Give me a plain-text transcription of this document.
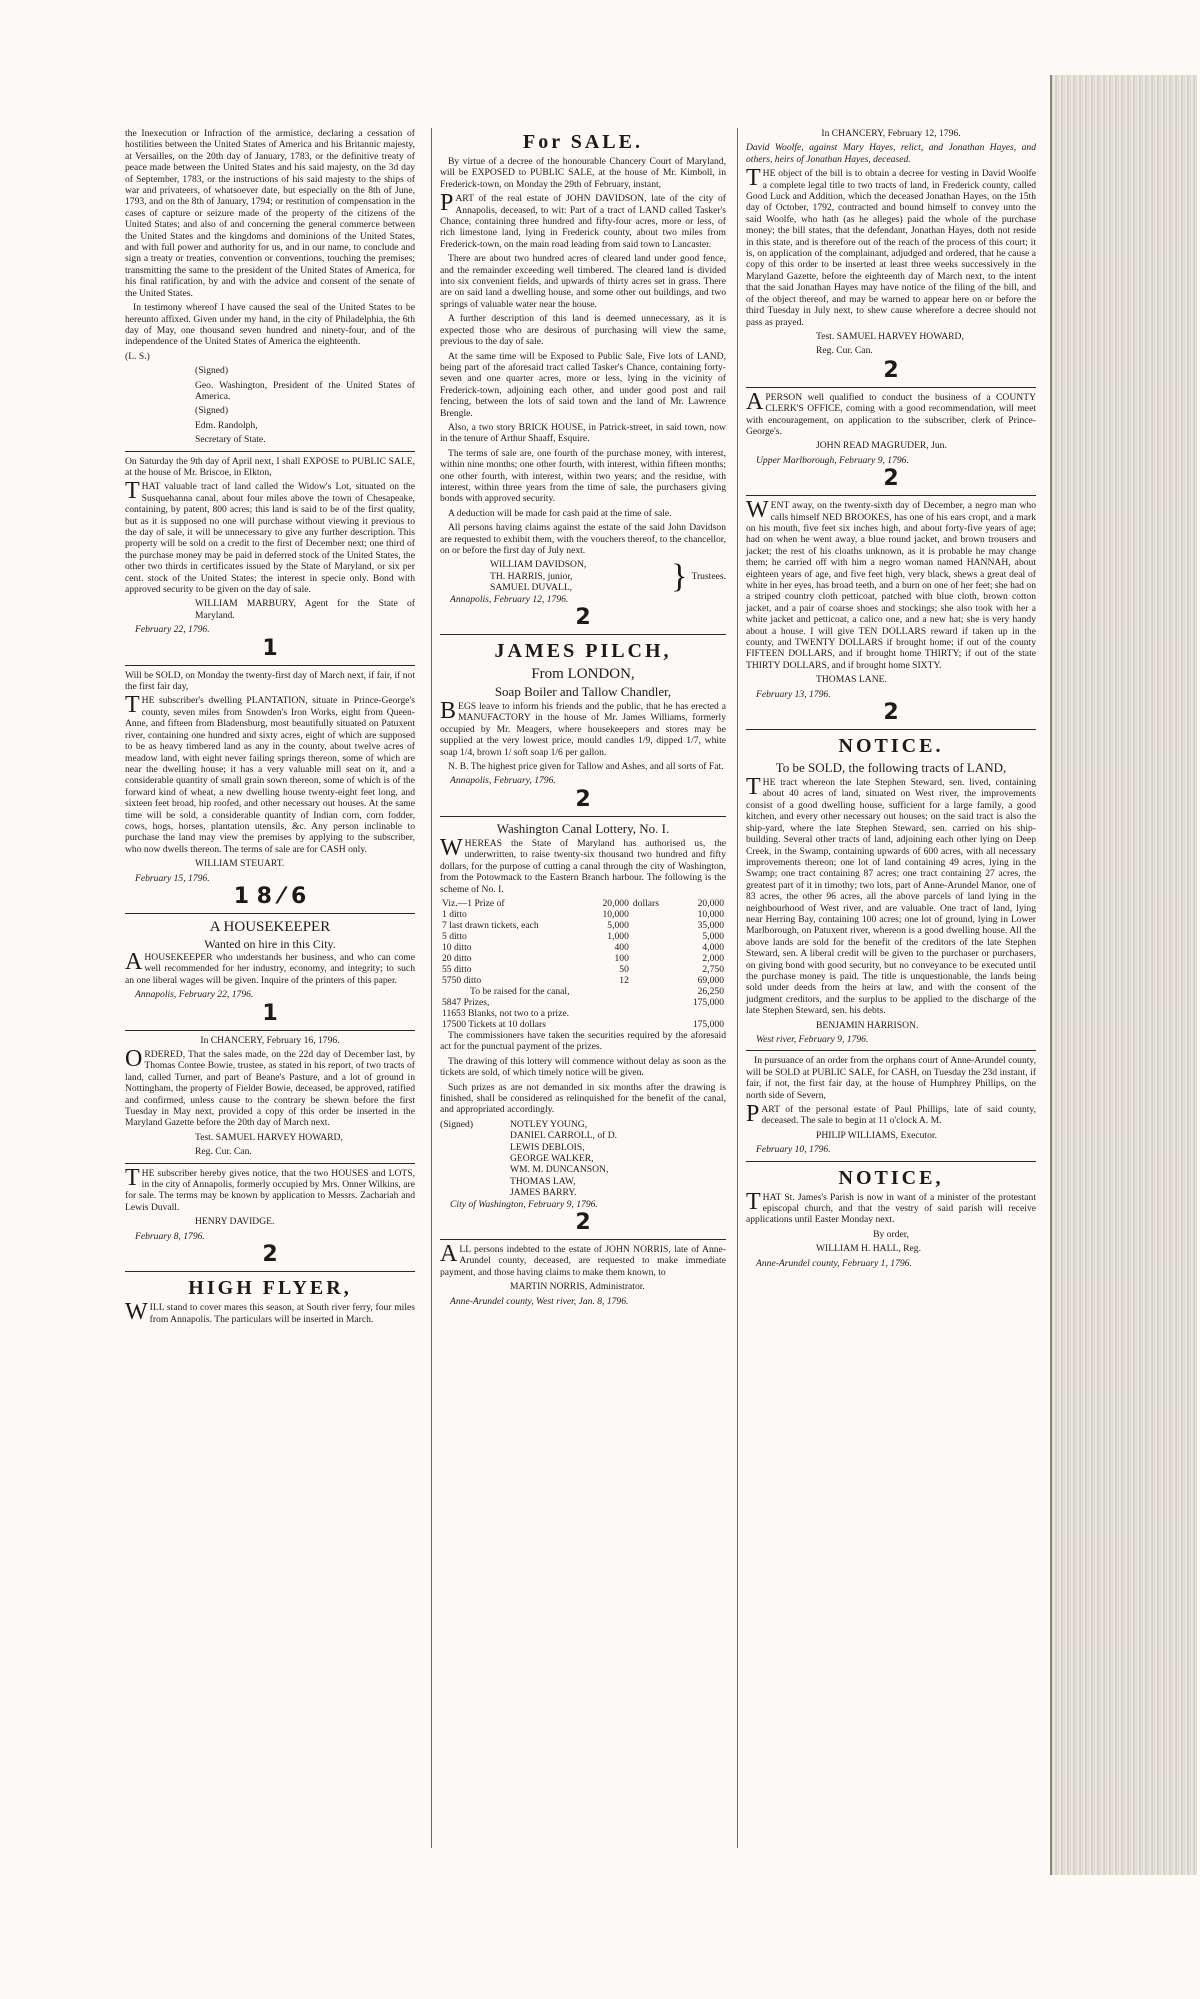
the Inexecution or Infraction of the armistice, declaring a cessation of hostilities between the United States of America and his Britannic majesty, at Versailles, on the 20th day of January, 1783, or the definitive treaty of peace made between the United States and his said majesty, on the 3d day of September, 1783, or the instructions of his said majesty to the ships of war and privateers, of whatsoever date, but especially on the 8th of June, 1793, and on the 8th of January, 1794; or restitution of compensation in the cases of capture or seizure made of the property of the citizens of the United States; and also of and concerning the general commerce between the United States and the kingdoms and dominions of the United States, and with full power and authority for us, and in our name, to conclude and sign a treaty or treaties, convention or conventions, touching the premises; transmitting the same to the president of the United States of America, for his final ratification, by and with the advice and consent of the senate of the United States.

In testimony whereof I have caused the seal of the United States to be hereunto affixed. Given under my hand, in the city of Philadelphia, the 6th day of May, one thousand seven hundred and ninety-four, and of the independence of the United States of America the eighteenth.

(L. S.)

(Signed)

Geo. Washington, President of the United States of America.

(Signed)

Edm. Randolph,

Secretary of State.

On Saturday the 9th day of April next, I shall EXPOSE to PUBLIC SALE, at the house of Mr. Briscoe, in Elkton,

THAT valuable tract of land called the Widow's Lot, situated on the Susquehanna canal, about four miles above the town of Chesapeake, containing, by patent, 800 acres; this land is said to be of the first quality, but as it is supposed no one will purchase without viewing it previous to the day of sale, it will be unnecessary to give any further description. This property will be sold on a credit to the first of December next; one third of the purchase money may be paid in deferred stock of the United States, the other two thirds in certificates issued by the State of Maryland, or six per cent. stock of the United States; the interest in specie only. Bond with approved security to be given on the day of sale.

WILLIAM MARBURY, Agent for the State of Maryland.

February 22, 1796.

1

Will be SOLD, on Monday the twenty-first day of March next, if fair, if not the first fair day,

THE subscriber's dwelling PLANTATION, situate in Prince-George's county, seven miles from Snowden's Iron Works, eight from Queen-Anne, and fifteen from Bladensburg, most beautifully situated on Patuxent river, containing one hundred and sixty acres, eight of which are supposed to be as heavy timbered land as any in the county, about twelve acres of meadow land, with eight never failing springs thereon, some of which are near the dwelling house; it has a very valuable mill seat on it, and a considerable quantity of small grain sown thereon, some of which is of the forward kind of wheat, a new dwelling house twenty-eight feet long, and sixteen feet broad, hip roofed, and other necessary out houses. At the same time will be sold, a considerable quantity of Indian corn, corn fodder, cows, hogs, horses, plantation utensils, &c. Any person inclinable to purchase the land may view the premises by applying to the subscriber, who now dwells thereon. The terms of sale are for CASH only.

WILLIAM STEUART.

February 15, 1796.

1 8 ⁄ 6

A HOUSEKEEPER

Wanted on hire in this City.

AHOUSEKEEPER who understands her business, and who can come well recommended for her industry, economy, and integrity; to such an one liberal wages will be given. Inquire of the printers of this paper.

Annapolis, February 22, 1796.

1

In CHANCERY, February 16, 1796.

ORDERED, That the sales made, on the 22d day of December last, by Thomas Contee Bowie, trustee, as stated in his report, of two tracts of land, called Turner, and part of Beane's Pasture, and a lot of ground in Nottingham, the property of Fielder Bowie, deceased, be approved, ratified and confirmed, unless cause to the contrary be shewn before the first Tuesday in May next, provided a copy of this order be inserted in the Maryland Gazette before the 20th day of March next.

Test. SAMUEL HARVEY HOWARD,

Reg. Cur. Can.

THE subscriber hereby gives notice, that the two HOUSES and LOTS, in the city of Annapolis, formerly occupied by Mrs. Onner Wilkins, are for sale. The terms may be known by application to Messrs. Zachariah and Lewis Duvall.

HENRY DAVIDGE.

February 8, 1796.

2

HIGH FLYER,

WILL stand to cover mares this season, at South river ferry, four miles from Annapolis. The particulars will be inserted in March.

For SALE.

By virtue of a decree of the honourable Chancery Court of Maryland, will be EXPOSED to PUBLIC SALE, at the house of Mr. Kimboll, in Frederick-town, on Monday the 29th of February, instant,

PART of the real estate of JOHN DAVIDSON, late of the city of Annapolis, deceased, to wit: Part of a tract of LAND called Tasker's Chance, containing three hundred and fifty-four acres, more or less, of rich limestone land, lying in Frederick county, about two miles from Frederick-town, on the main road leading from said town to Lancaster.

There are about two hundred acres of cleared land under good fence, and the remainder exceeding well timbered. The cleared land is divided into six convenient fields, and upwards of thirty acres set in grass. There are on said land a dwelling house, and some other out buildings, and two springs of valuable water near the house.

A further description of this land is deemed unnecessary, as it is expected those who are desirous of purchasing will view the same, previous to the day of sale.

At the same time will be Exposed to Public Sale, Five lots of LAND, being part of the aforesaid tract called Tasker's Chance, containing forty-seven and one quarter acres, more or less, lying in the vicinity of Frederick-town, adjoining each other, and under good post and rail fencing, between the lots of said town and the land of Mr. Lawrence Brengle.

Also, a two story BRICK HOUSE, in Patrick-street, in said town, now in the tenure of Arthur Shaaff, Esquire.

The terms of sale are, one fourth of the purchase money, with interest, within nine months; one other fourth, with interest, within fifteen months; one other fourth, with interest, within two years; and the residue, with interest, within three years from the time of sale, the purchasers giving bonds with approved security.

A deduction will be made for cash paid at the time of sale.

All persons having claims against the estate of the said John Davidson are requested to exhibit them, with the vouchers thereof, to the chancellor, on or before the first day of July next.

WILLIAM DAVIDSON,
TH. HARRIS, junior,
SAMUEL DUVALL,	} Trustees.

Annapolis, February 12, 1796.

2

JAMES PILCH,

From LONDON,

Soap Boiler and Tallow Chandler,

BEGS leave to inform his friends and the public, that he has erected a MANUFACTORY in the house of Mr. James Williams, formerly occupied by Mr. Meagers, where housekeepers and stores may be supplied at the very lowest price, mould candles 1/9, dipped 1/7, white soap 1/4, brown 1/ soft soap 1/6 per gallon.

N. B. The highest price given for Tallow and Ashes, and all sorts of Fat.

Annapolis, February, 1796.

2

Washington Canal Lottery, No. I.

WHEREAS the State of Maryland has authorised us, the underwritten, to raise twenty-six thousand two hundred and fifty dollars, for the purpose of cutting a canal through the city of Washington, from the Potowmack to the Eastern Branch harbour. The following is the scheme of No. I.

Viz.—1 Prize of	20,000	dollars	20,000
1 ditto	10,000		10,000
7 last drawn tickets, each	5,000		35,000
5 ditto	1,000		5,000
10 ditto	400		4,000
20 ditto	100		2,000
55 ditto	50		2,750
5750 ditto	12		69,000
To be raised for the canal,			26,250
5847 Prizes,			175,000
11653 Blanks, not two to a prize.			
17500 Tickets at 10 dollars			175,000

The commissioners have taken the securities required by the aforesaid act for the punctual payment of the prizes.

The drawing of this lottery will commence without delay as soon as the tickets are sold, of which timely notice will be given.

Such prizes as are not demanded in six months after the drawing is finished, shall be considered as relinquished for the benefit of the canal, and appropriated accordingly.

(Signed)	NOTLEY YOUNG,
DANIEL CARROLL, of D.
LEWIS DEBLOIS,
GEORGE WALKER,
WM. M. DUNCANSON,
THOMAS LAW,
JAMES BARRY.

City of Washington, February 9, 1796.

2

ALL persons indebted to the estate of JOHN NORRIS, late of Anne-Arundel county, deceased, are requested to make immediate payment, and those having claims to make them known, to

MARTIN NORRIS, Administrator.

Anne-Arundel county, West river, Jan. 8, 1796.

In CHANCERY, February 12, 1796.

David Woolfe, against Mary Hayes, relict, and Jonathan Hayes, and others, heirs of Jonathan Hayes, deceased.

THE object of the bill is to obtain a decree for vesting in David Woolfe a complete legal title to two tracts of land, in Frederick county, called Good Luck and Addition, which the deceased Jonathan Hayes, on the 15th day of October, 1792, contracted and bound himself to convey unto the said Woolfe, who hath (as he alleges) paid the whole of the purchase money; the bill states, that the defendant, Jonathan Hayes, doth not reside in this state, and is therefore out of the reach of the process of this court; it is, on application of the complainant, adjudged and ordered, that he cause a copy of this order to be inserted at least three weeks successively in the Maryland Gazette, before the eighteenth day of March next, to the intent that the said Jonathan Hayes may have notice of the filing of the bill, and of the object thereof, and may be warned to appear here on or before the third Tuesday in July next, to shew cause wherefore a decree should not pass as prayed.

Test. SAMUEL HARVEY HOWARD,

Reg. Cur. Can.

2

APERSON well qualified to conduct the business of a COUNTY CLERK'S OFFICE, coming with a good recommendation, will meet with encouragement, on application to the subscriber, clerk of Prince-George's.

JOHN READ MAGRUDER, Jun.

Upper Marlborough, February 9, 1796.

2

WENT away, on the twenty-sixth day of December, a negro man who calls himself NED BROOKES, has one of his ears cropt, and a mark on his mouth, five feet six inches high, and about forty-five years of age; had on when he went away, a blue round jacket, and brown trousers and jacket; the rest of his cloaths unknown, as it is probable he may change them; he carried off with him a negro woman named HANNAH, about eighteen years of age, and five feet high, very black, shews a great deal of white in her eyes, has broad teeth, and a burn on one of her feet; she had on a striped country cloth petticoat, patched with blue cloth, brown cotton jacket, and a pair of coarse shoes and stockings; she also took with her a white jacket and petticoat, a calico one, and a new hat; she is very handy about a house. I will give TEN DOLLARS reward if taken up in the county, and TWENTY DOLLARS if brought home; if out of the county FIFTEEN DOLLARS, and if brought home THIRTY; if out of the state THIRTY DOLLARS, and if brought home SIXTY.

THOMAS LANE.

February 13, 1796.

2

NOTICE.

To be SOLD, the following tracts of LAND,

THE tract whereon the late Stephen Steward, sen. lived, containing about 40 acres of land, situated on West river, the improvements consist of a good dwelling house, sufficient for a large family, a good kitchen, and every other necessary out houses; on the said tract is also the ship-yard, where the late Stephen Steward, sen. carried on his ship-building. Several other tracts of land, adjoining each other lying on Deep Creek, in the Swamp, containing upwards of 600 acres, with all necessary improvements thereon; one lot of land containing 49 acres, lying in the Swamp; one tract containing 87 acres; one tract containing 27 acres, the greatest part of it in timothy; two lots, part of Anne-Arundel Manor, one of 83 acres, the other 96 acres, all the above parcels of land lying in the neighbourhood of West river, and are valuable. One tract of land, lying near Herring Bay, containing 100 acres; one lot of ground, lying in Lower Marlborough, on Patuxent river, whereon is a good dwelling house. All the above lands are sold for the benefit of the creditors of the late Stephen Steward, sen. A liberal credit will be given to the purchaser or purchasers, on giving bond with good security, but no conveyance to be executed until the purchase money is paid. The title is unquestionable, the lands being sold under deeds from the heirs at law, and with the consent of the judgment creditors, and the surplus to be applied to the discharge of the late Stephen Steward, sen. his debts.

BENJAMIN HARRISON.

West river, February 9, 1796.

In pursuance of an order from the orphans court of Anne-Arundel county, will be SOLD at PUBLIC SALE, for CASH, on Tuesday the 23d instant, if fair, if not, the first fair day, at the house of Humphrey Phillips, on the north side of Severn,

PART of the personal estate of Paul Phillips, late of said county, deceased. The sale to begin at 11 o'clock A. M.

PHILIP WILLIAMS, Executor.

February 10, 1796.

NOTICE,

THAT St. James's Parish is now in want of a minister of the protestant episcopal church, and that the vestry of said parish will receive applications until Easter Monday next.

By order,

WILLIAM H. HALL, Reg.

Anne-Arundel county, February 1, 1796.
